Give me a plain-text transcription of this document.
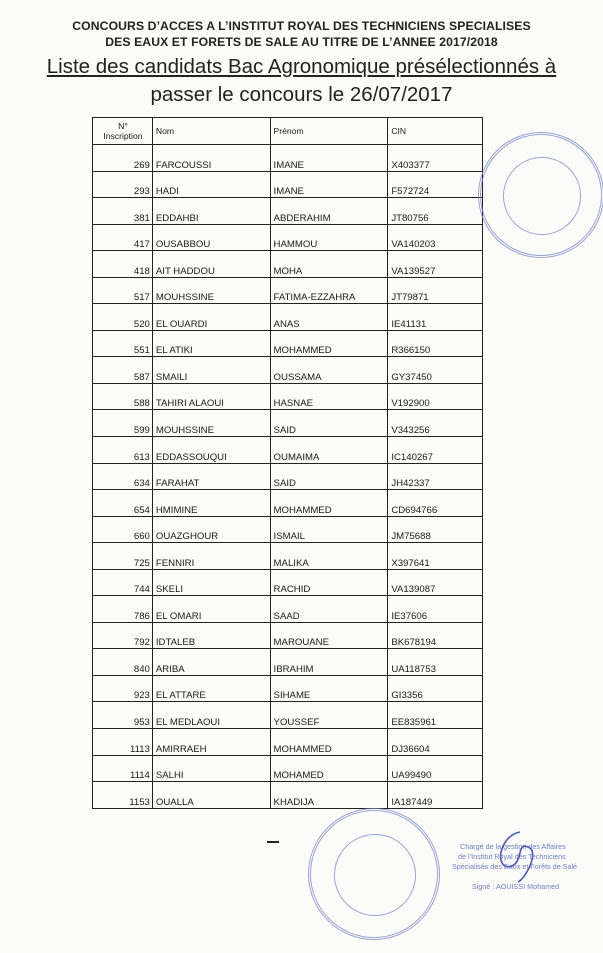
CONCOURS D’ACCES A L’INSTITUT ROYAL DES TECHNICIENS SPECIALISES
DES EAUX ET FORETS DE SALE AU TITRE DE L’ANNEE 2017/2018
Liste des candidats Bac Agronomique présélectionnés à
passer le concours le 26/07/2017
N°
Inscription	Nom	Prénom	CIN
269	FARCOUSSI	IMANE	X403377
293	HADI	IMANE	F572724
381	EDDAHBI	ABDERAHIM	JT80756
417	OUSABBOU	HAMMOU	VA140203
418	AIT HADDOU	MOHA	VA139527
517	MOUHSSINE	FATIMA-EZZAHRA	JT79871
520	EL OUARDI	ANAS	IE41131
551	EL ATIKI	MOHAMMED	R366150
587	SMAILI	OUSSAMA	GY37450
588	TAHIRI ALAOUI	HASNAE	V192900
599	MOUHSSINE	SAID	V343256
613	EDDASSOUQUI	OUMAIMA	IC140267
634	FARAHAT	SAID	JH42337
654	HMIMINE	MOHAMMED	CD694766
660	OUAZGHOUR	ISMAIL	JM75688
725	FENNIRI	MALIKA	X397641
744	SKELI	RACHID	VA139087
786	EL OMARI	SAAD	IE37606
792	IDTALEB	MAROUANE	BK678194
840	ARIBA	IBRAHIM	UA118753
923	EL ATTARE	SIHAME	GI3356
953	EL MEDLAOUI	YOUSSEF	EE835961
1113	AMIRRAEH	MOHAMMED	DJ36604
1114	SALHI	MOHAMED	UA99490
1153	OUALLA	KHADIJA	IA187449
Chargé de la gestion des Affaires
de l’Institut Royal des Techniciens
Spécialisés des Eaux et Forêts de Salé
Signé : AOUISSI Mohamed
